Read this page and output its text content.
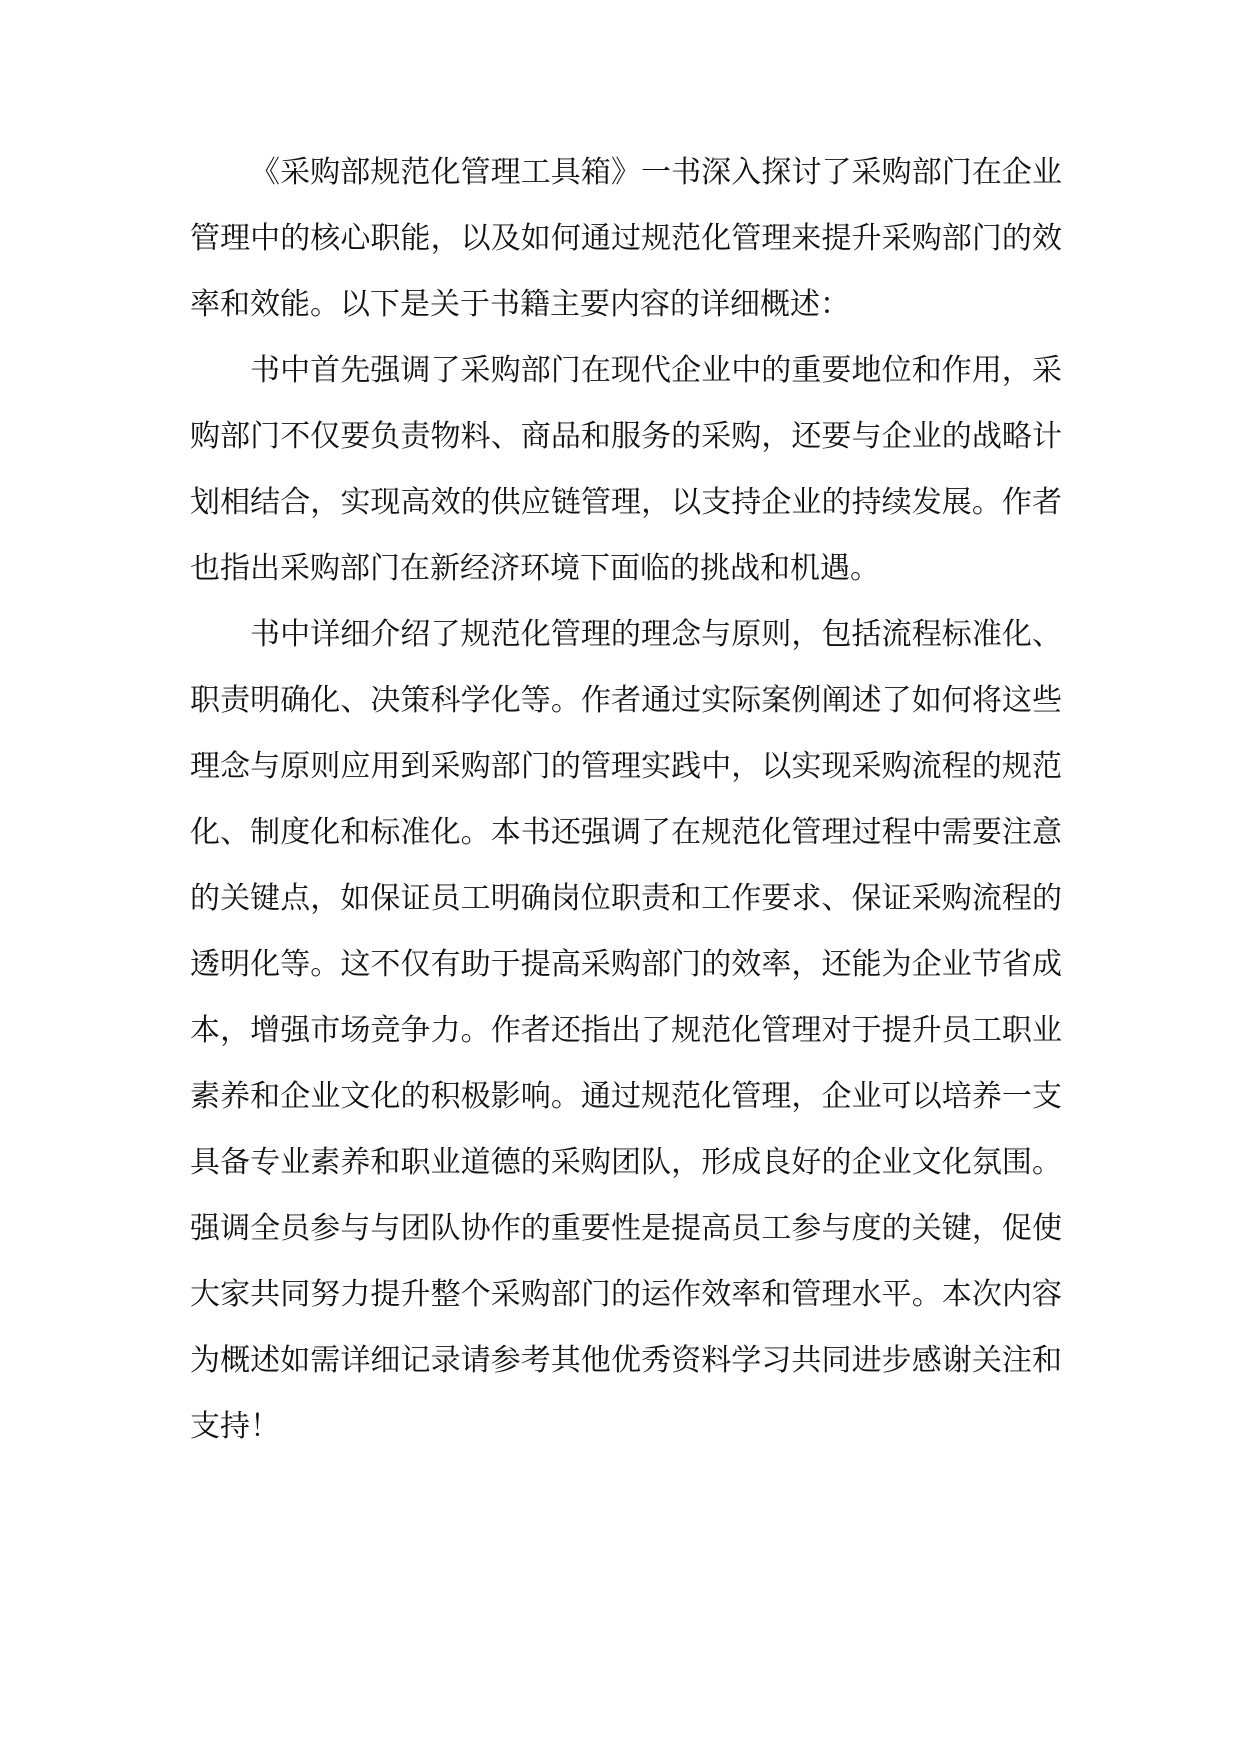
《采购部规范化管理工具箱》一书深入探讨了采购部门在企业管理中的核心职能，以及如何通过规范化管理来提升采购部门的效率和效能。以下是关于书籍主要内容的详细概述：

书中首先强调了采购部门在现代企业中的重要地位和作用，采购部门不仅要负责物料、商品和服务的采购，还要与企业的战略计划相结合，实现高效的供应链管理，以支持企业的持续发展。作者也指出采购部门在新经济环境下面临的挑战和机遇。

书中详细介绍了规范化管理的理念与原则，包括流程标准化、职责明确化、决策科学化等。作者通过实际案例阐述了如何将这些理念与原则应用到采购部门的管理实践中，以实现采购流程的规范化、制度化和标准化。本书还强调了在规范化管理过程中需要注意的关键点，如保证员工明确岗位职责和工作要求、保证采购流程的透明化等。这不仅有助于提高采购部门的效率，还能为企业节省成本，增强市场竞争力。作者还指出了规范化管理对于提升员工职业素养和企业文化的积极影响。通过规范化管理，企业可以培养一支具备专业素养和职业道德的采购团队，形成良好的企业文化氛围。强调全员参与与团队协作的重要性是提高员工参与度的关键，促使大家共同努力提升整个采购部门的运作效率和管理水平。本次内容为概述如需详细记录请参考其他优秀资料学习共同进步感谢关注和支持！
